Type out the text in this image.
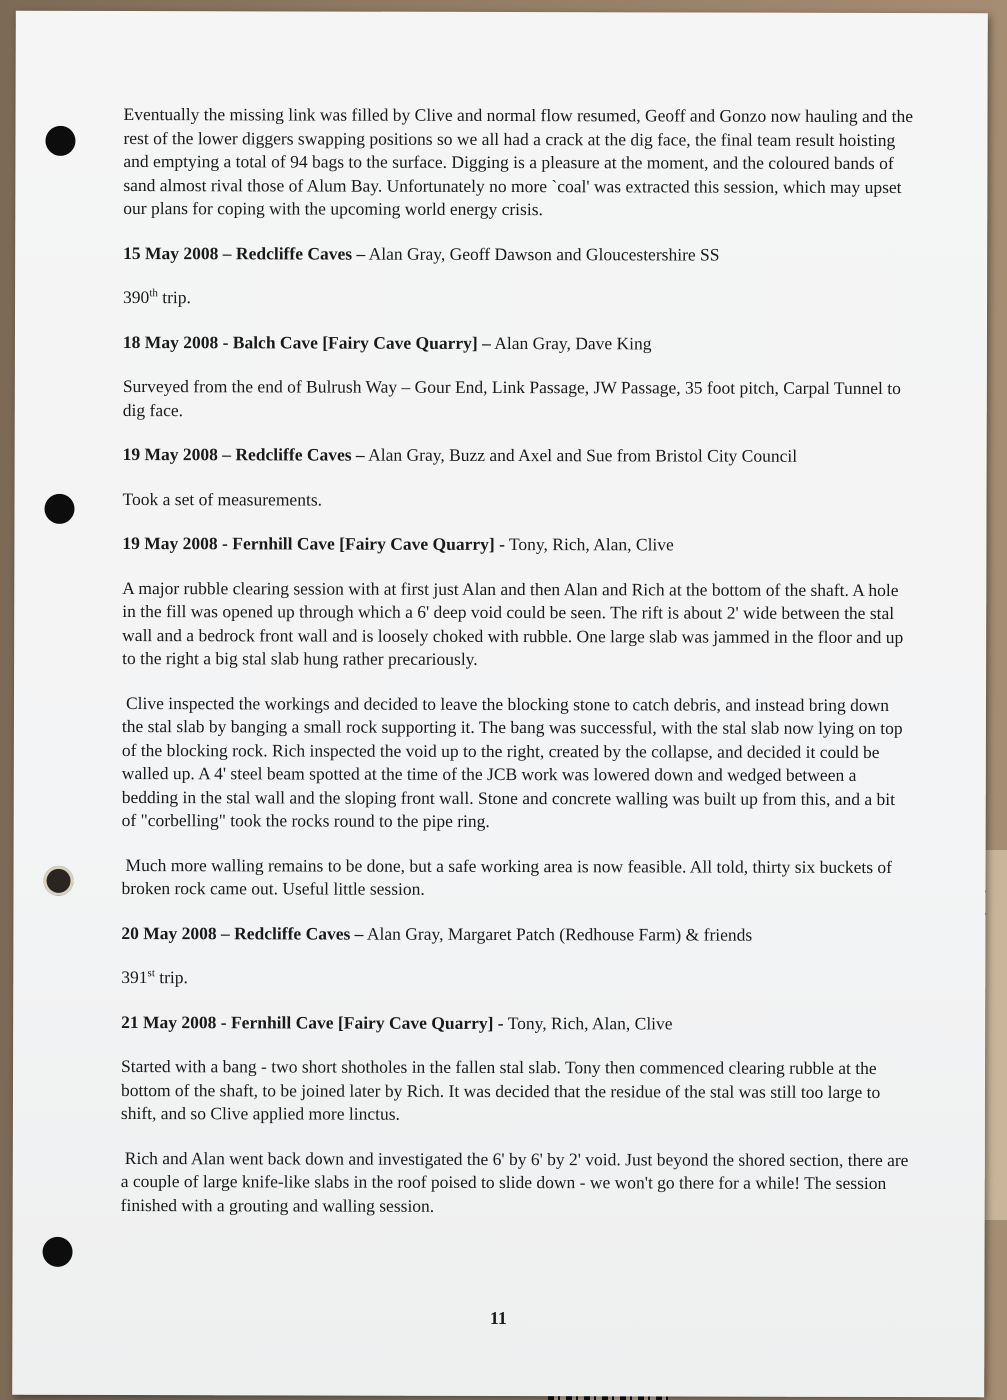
Eventually the missing link was filled by Clive and normal flow resumed, Geoff and Gonzo now hauling and the rest of the lower diggers swapping positions so we all had a crack at the dig face, the final team result hoisting and emptying a total of 94 bags to the surface. Digging is a pleasure at the moment, and the coloured bands of sand almost rival those of Alum Bay. Unfortunately no more `coal' was extracted this session, which may upset our plans for coping with the upcoming world energy crisis.

15 May 2008 – Redcliffe Caves – Alan Gray, Geoff Dawson and Gloucestershire SS

390th trip.

18 May 2008 - Balch Cave [Fairy Cave Quarry] – Alan Gray, Dave King

Surveyed from the end of Bulrush Way – Gour End, Link Passage, JW Passage, 35 foot pitch, Carpal Tunnel to dig face.

19 May 2008 – Redcliffe Caves – Alan Gray, Buzz and Axel and Sue from Bristol City Council

Took a set of measurements.

19 May 2008 - Fernhill Cave [Fairy Cave Quarry] - Tony, Rich, Alan, Clive

A major rubble clearing session with at first just Alan and then Alan and Rich at the bottom of the shaft. A hole in the fill was opened up through which a 6' deep void could be seen. The rift is about 2' wide between the stal wall and a bedrock front wall and is loosely choked with rubble. One large slab was jammed in the floor and up to the right a big stal slab hung rather precariously.

Clive inspected the workings and decided to leave the blocking stone to catch debris, and instead bring down the stal slab by banging a small rock supporting it. The bang was successful, with the stal slab now lying on top of the blocking rock. Rich inspected the void up to the right, created by the collapse, and decided it could be walled up. A 4' steel beam spotted at the time of the JCB work was lowered down and wedged between a bedding in the stal wall and the sloping front wall. Stone and concrete walling was built up from this, and a bit of "corbelling" took the rocks round to the pipe ring.

Much more walling remains to be done, but a safe working area is now feasible. All told, thirty six buckets of broken rock came out. Useful little session.

20 May 2008 – Redcliffe Caves – Alan Gray, Margaret Patch (Redhouse Farm) & friends

391st trip.

21 May 2008 - Fernhill Cave [Fairy Cave Quarry] - Tony, Rich, Alan, Clive

Started with a bang - two short shotholes in the fallen stal slab. Tony then commenced clearing rubble at the bottom of the shaft, to be joined later by Rich. It was decided that the residue of the stal was still too large to shift, and so Clive applied more linctus.

Rich and Alan went back down and investigated the 6' by 6' by 2' void. Just beyond the shored section, there are a couple of large knife-like slabs in the roof poised to slide down - we won't go there for a while! The session finished with a grouting and walling session.

11
